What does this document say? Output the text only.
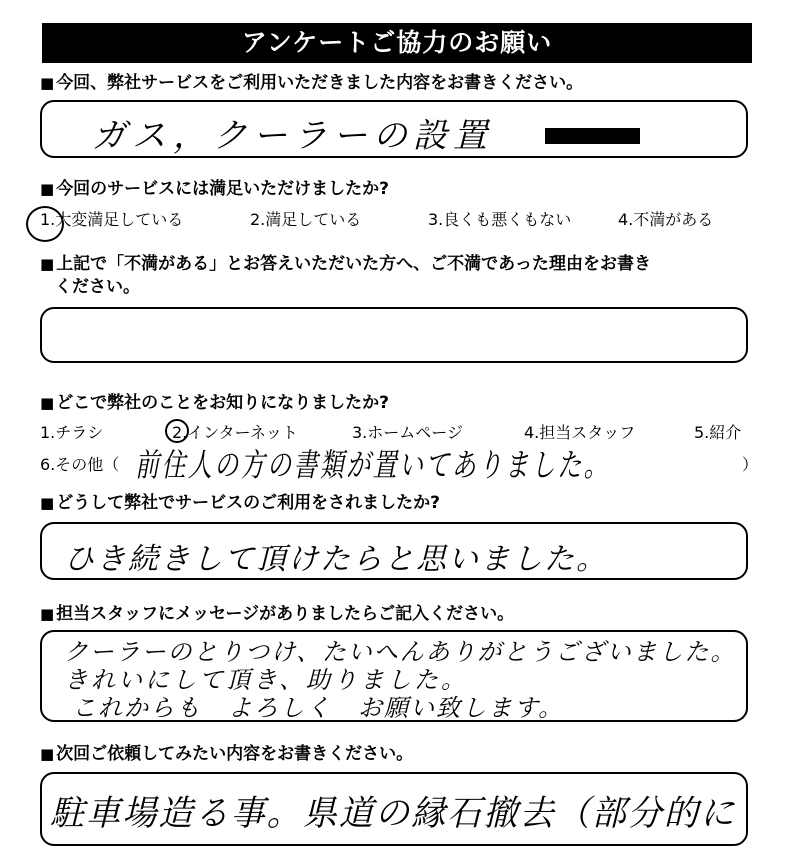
アンケートご協力のお願い
■ 今回、弊社サービスをご利用いただきました内容をお書きください。
ガス，クーラーの設置
■ 今回のサービスには満足いただけましたか?
1.大変満足している	2.満足している	3.良くも悪くもない	4.不満がある
■ 上記で「不満がある」とお答えいただいた方へ、ご不満であった理由をお書き
ください。
■ どこで弊社のことをお知りになりましたか?
1.チラシ	2.インターネット	3.ホームページ	4.担当スタッフ	5.紹介
6.その他（ 前住人の方の書類が置いてありました。	）
■ どうして弊社でサービスのご利用をされましたか?
ひき続きして頂けたらと思いました。
■ 担当スタッフにメッセージがありましたらご記入ください。
クーラーのとりつけ、たいへんありがとうございました。
きれいにして頂き、助りました。
これからも　よろしく　お願い致します。
■ 次回ご依頼してみたい内容をお書きください。
駐車場造る事。県道の縁石撤去（部分的に
